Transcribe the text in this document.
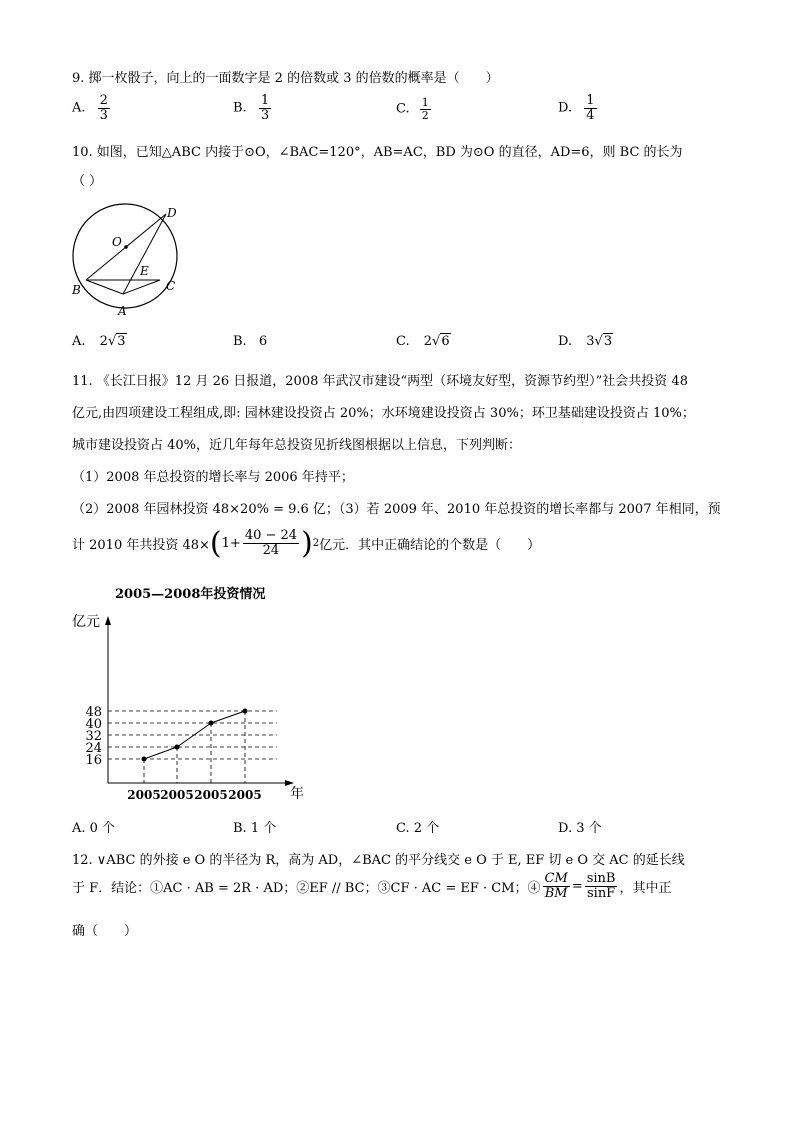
9. 掷一枚骰子，向上的一面数字是 2 的倍数或 3 的倍数的概率是（　　）
A. $\frac{2}{3}$	B. $\frac{1}{3}$	C. $\frac{1}{2}$	D. $\frac{1}{4}$
10. 如图，已知△ABC 内接于⊙O，∠BAC=120°，AB=AC，BD 为⊙O 的直径，AD=6，则 BC 的长为
（ ）
D
O
E
B	C
A
A. 2√3	B. 6	C. 2√6	D. 3√3
11. 《长江日报》12 月 26 日报道，2008 年武汉市建设“两型（环境友好型，资源节约型）”社会共投资 48
亿元,由四项建设工程组成,即: 园林建设投资占 20%；水环境建设投资占 30%；环卫基础建设投资占 10%；
城市建设投资占 40%，近几年每年总投资见折线图根据以上信息，下列判断：
（1）2008 年总投资的增长率与 2006 年持平；
（2）2008 年园林投资 48×20% = 9.6 亿；（3）若 2009 年、2010 年总投资的增长率都与 2007 年相同，预
计 2010 年共投资 48× ( $1+ \frac{40 - 24}{24}$ ) 2 亿元．其中正确结论的个数是（　　）
2005—2008年投资情况
亿元
年
16
24
32
40
48
2005 2005 2005 2005
A. 0 个	B. 1 个	C. 2 个	D. 3 个
12. ∨ABC 的外接 e O 的半径为 R，高为 AD，∠BAC 的平分线交 e O 于 E, EF 切 e O 交 AC 的延长线
于 F．结论：①AC · AB = 2R · AD；②EF // BC；③CF · AC = EF · CM；④ $\frac{CM}{BM} = \frac{\sin B}{\sin F}$ ，其中正
确（　　）
